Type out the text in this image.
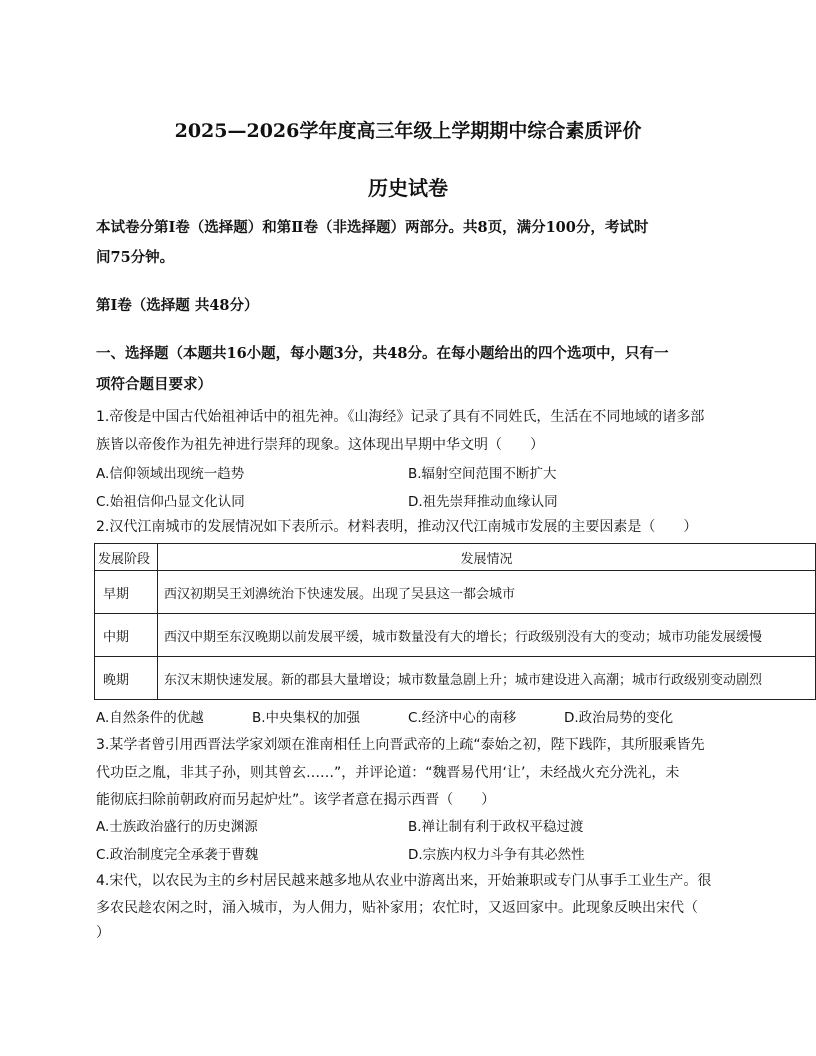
2025—2026学年度高三年级上学期期中综合素质评价
历史试卷
本试卷分第Ⅰ卷（选择题）和第Ⅱ卷（非选择题）两部分。共8页，满分100分，考试时
间75分钟。
第Ⅰ卷（选择题 共48分）
一、选择题（本题共16小题，每小题3分，共48分。在每小题给出的四个选项中，只有一
项符合题目要求）
1.帝俊是中国古代始祖神话中的祖先神。《山海经》记录了具有不同姓氏，生活在不同地域的诸多部
族皆以帝俊作为祖先神进行崇拜的现象。这体现出早期中华文明（　　）
A.信仰领域出现统一趋势	B.辐射空间范围不断扩大
C.始祖信仰凸显文化认同	D.祖先崇拜推动血缘认同
2.汉代江南城市的发展情况如下表所示。材料表明，推动汉代江南城市发展的主要因素是（　　）
发展阶段	发展情况
早期	西汉初期吴王刘濞统治下快速发展。出现了吴县这一都会城市
中期	西汉中期至东汉晚期以前发展平缓，城市数量没有大的增长；行政级别没有大的变动；城市功能发展缓慢
晚期	东汉末期快速发展。新的郡县大量增设；城市数量急剧上升；城市建设进入高潮；城市行政级别变动剧烈
A.自然条件的优越	B.中央集权的加强	C.经济中心的南移	D.政治局势的变化
3.某学者曾引用西晋法学家刘颂在淮南相任上向晋武帝的上疏“泰始之初，陛下践阼，其所服乘皆先
代功臣之胤，非其子孙，则其曾玄……”，并评论道：“魏晋易代用‘让’，未经战火充分洗礼，未
能彻底扫除前朝政府而另起炉灶”。该学者意在揭示西晋（　　）
A.士族政治盛行的历史渊源	B.禅让制有利于政权平稳过渡
C.政治制度完全承袭于曹魏	D.宗族内权力斗争有其必然性
4.宋代，以农民为主的乡村居民越来越多地从农业中游离出来，开始兼职或专门从事手工业生产。很
多农民趁农闲之时，涌入城市，为人佣力，贴补家用；农忙时，又返回家中。此现象反映出宋代（
）
